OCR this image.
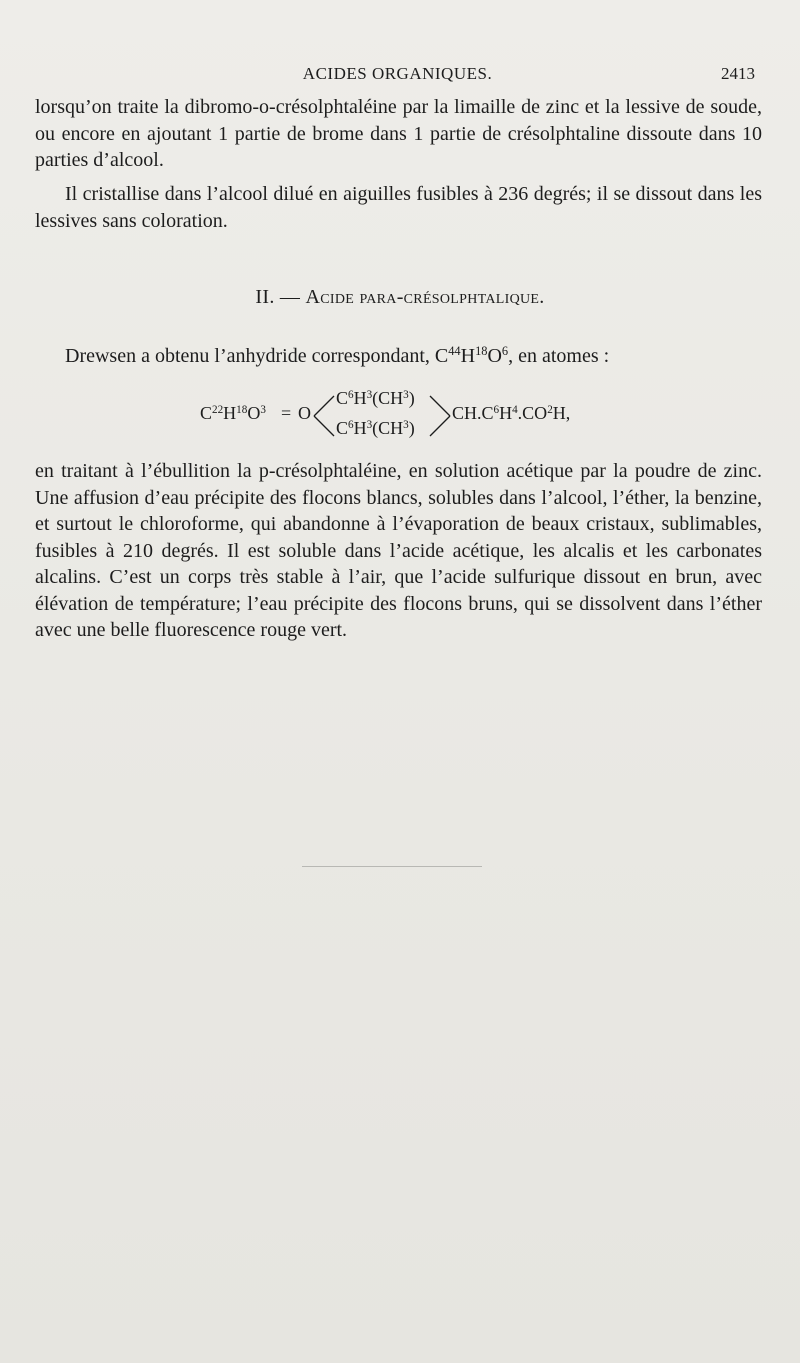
ACIDES ORGANIQUES.	2413

lorsqu’on traite la dibromo-o-crésolphtaléine par la limaille de zinc et la lessive de soude, ou encore en ajoutant 1 partie de brome dans 1 partie de crésolphtaline dissoute dans 10 parties d’alcool.

Il cristallise dans l’alcool dilué en aiguilles fusibles à 236 degrés; il se dissout dans les lessives sans coloration.

II. — Acide para-crésolphtalique.

Drewsen a obtenu l’anhydride correspondant, $C^{44}H^{18}O^6$, en atomes :

$C^{22}H^{18}O^3 = O$
$C^6H^3(CH^3)$
$C^6H^3(CH^3)$
$CH.C^6H^4.CO^2H$,

en traitant à l’ébullition la p-crésolphtaléine, en solution acétique par la poudre de zinc. Une affusion d’eau précipite des flocons blancs, solubles dans l’alcool, l’éther, la benzine, et surtout le chloroforme, qui abandonne à l’évaporation de beaux cristaux, sublimables, fusibles à 210 degrés. Il est soluble dans l’acide acétique, les alcalis et les carbonates alcalins. C’est un corps très stable à l’air, que l’acide sulfurique dissout en brun, avec élévation de température; l’eau précipite des flocons bruns, qui se dissolvent dans l’éther avec une belle fluorescence rouge vert.
